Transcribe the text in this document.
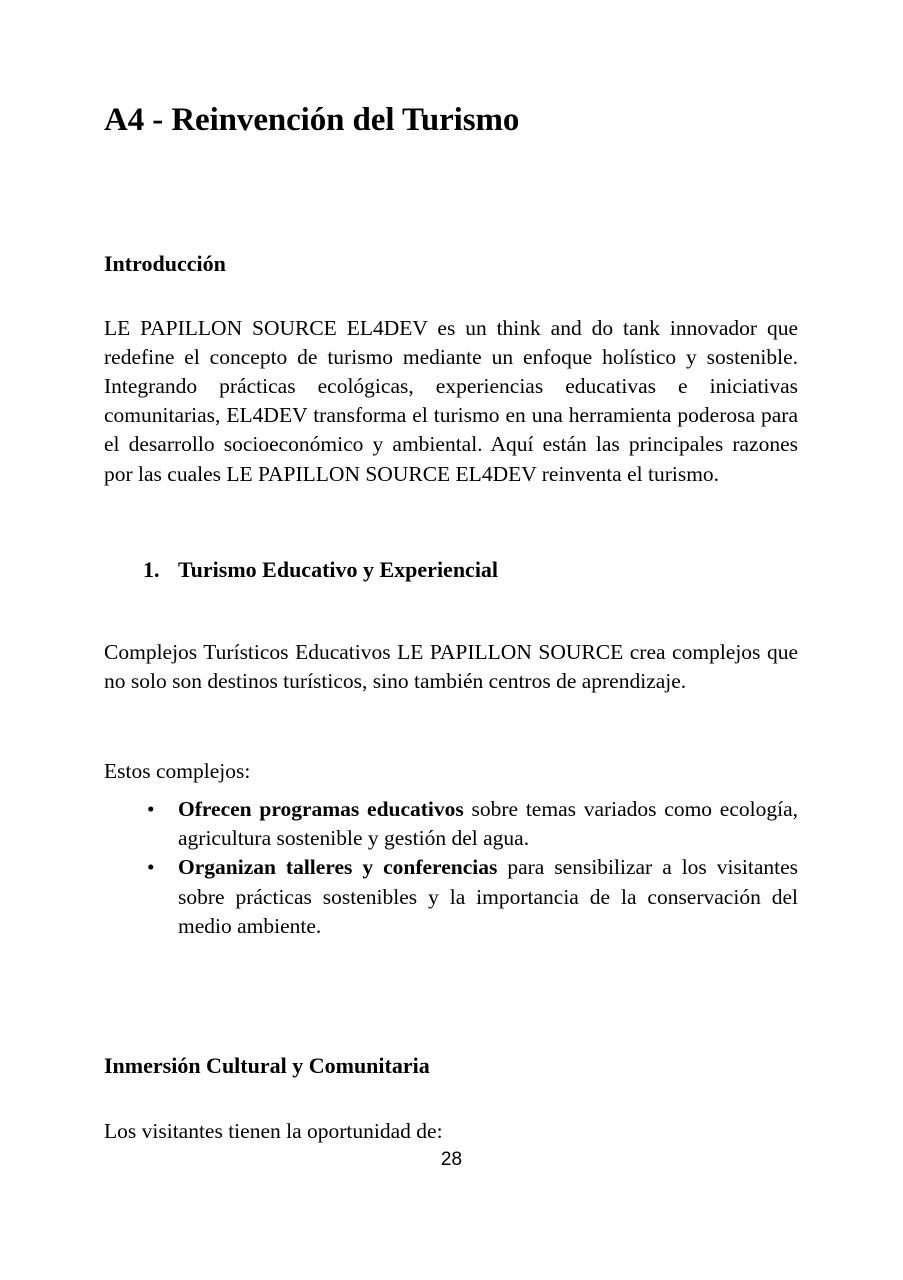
A4 - Reinvención del Turismo
Introducción

LE PAPILLON SOURCE EL4DEV es un think and do tank innovador que redefine el concepto de turismo mediante un enfoque holístico y sostenible. Integrando prácticas ecológicas, experiencias educativas e iniciativas comunitarias, EL4DEV transforma el turismo en una herramienta poderosa para el desarrollo socioeconómico y ambiental. Aquí están las principales razones por las cuales LE PAPILLON SOURCE EL4DEV reinventa el turismo.

1. Turismo Educativo y Experiencial

Complejos Turísticos Educativos LE PAPILLON SOURCE crea complejos que no solo son destinos turísticos, sino también centros de aprendizaje.

Estos complejos:

• Ofrecen programas educativos sobre temas variados como ecología, agricultura sostenible y gestión del agua.
• Organizan talleres y conferencias para sensibilizar a los visitantes sobre prácticas sostenibles y la importancia de la conservación del medio ambiente.
Inmersión Cultural y Comunitaria

Los visitantes tienen la oportunidad de:

28
